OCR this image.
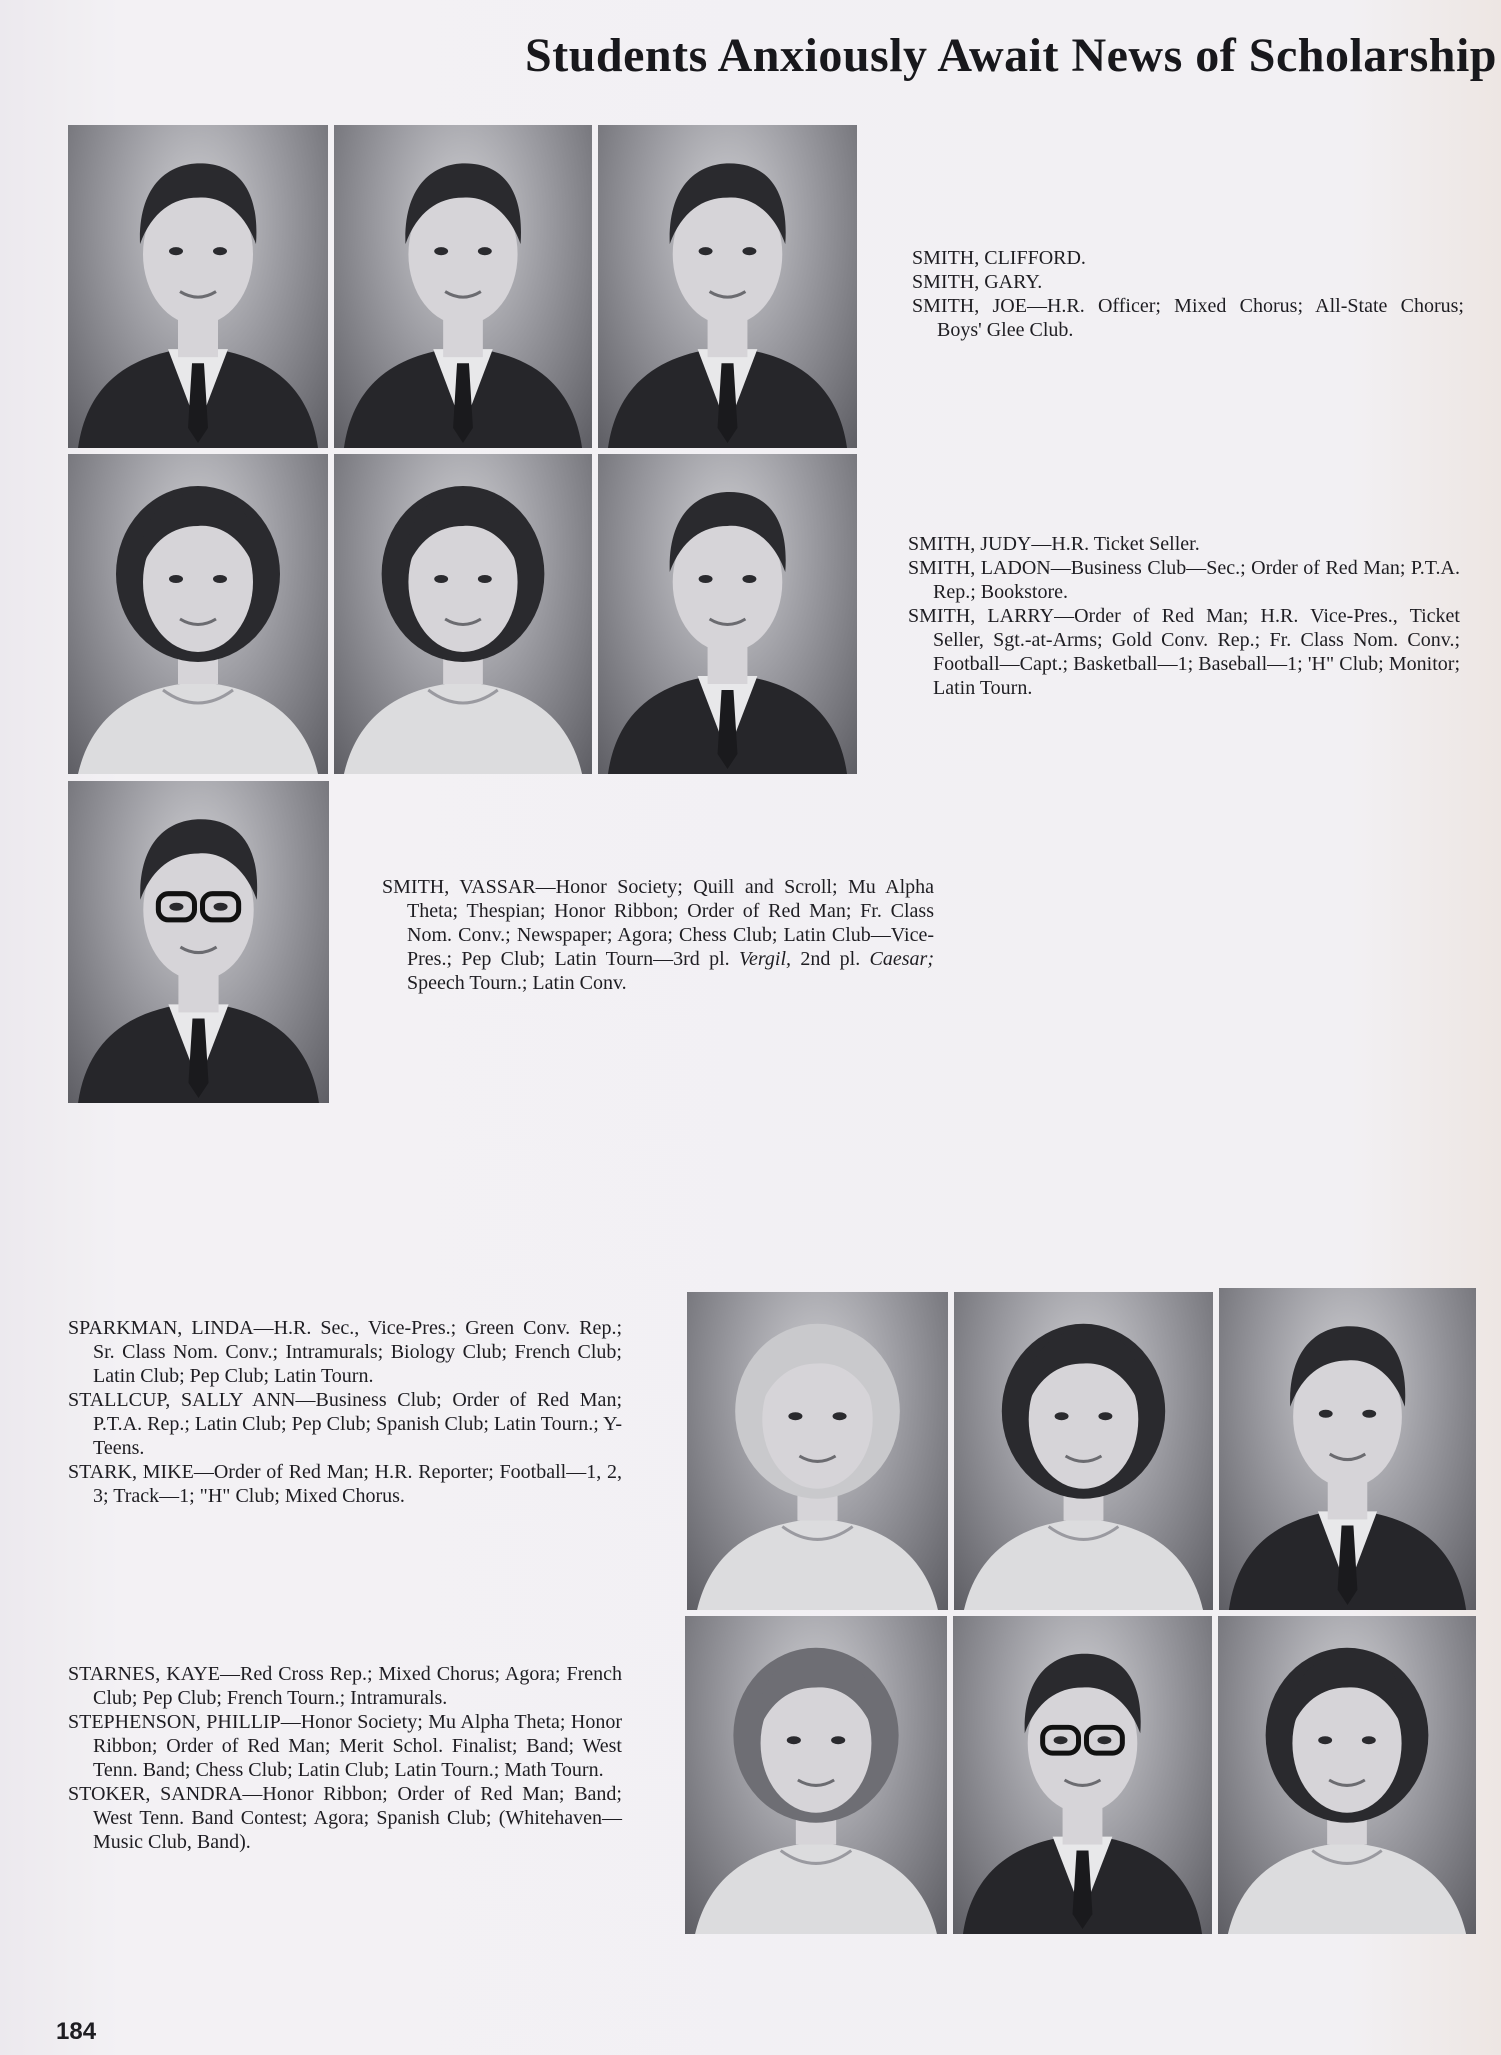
Students Anxiously Await News of Scholarship

SMITH, CLIFFORD.

SMITH, GARY.

SMITH, JOE—H.R. Officer; Mixed Chorus; All-State Chorus; Boys' Glee Club.

SMITH, JUDY—H.R. Ticket Seller.

SMITH, LADON—Business Club—Sec.; Order of Red Man; P.T.A. Rep.; Bookstore.

SMITH, LARRY—Order of Red Man; H.R. Vice-Pres., Ticket Seller, Sgt.-at-Arms; Gold Conv. Rep.; Fr. Class Nom. Conv.; Football—Capt.; Basketball—1; Baseball—1; 'H" Club; Monitor; Latin Tourn.

SMITH, VASSAR—Honor Society; Quill and Scroll; Mu Alpha Theta; Thespian; Honor Ribbon; Order of Red Man; Fr. Class Nom. Conv.; Newspaper; Agora; Chess Club; Latin Club—Vice-Pres.; Pep Club; Latin Tourn—3rd pl. Vergil, 2nd pl. Caesar; Speech Tourn.; Latin Conv.

SPARKMAN, LINDA—H.R. Sec., Vice-Pres.; Green Conv. Rep.; Sr. Class Nom. Conv.; Intramurals; Biology Club; French Club; Latin Club; Pep Club; Latin Tourn.

STALLCUP, SALLY ANN—Business Club; Order of Red Man; P.T.A. Rep.; Latin Club; Pep Club; Spanish Club; Latin Tourn.; Y-Teens.

STARK, MIKE—Order of Red Man; H.R. Reporter; Football—1, 2, 3; Track—1; "H" Club; Mixed Chorus.

STARNES, KAYE—Red Cross Rep.; Mixed Chorus; Agora; French Club; Pep Club; French Tourn.; Intramurals.

STEPHENSON, PHILLIP—Honor Society; Mu Alpha Theta; Honor Ribbon; Order of Red Man; Merit Schol. Finalist; Band; West Tenn. Band; Chess Club; Latin Club; Latin Tourn.; Math Tourn.

STOKER, SANDRA—Honor Ribbon; Order of Red Man; Band; West Tenn. Band Contest; Agora; Spanish Club; (Whitehaven—Music Club, Band).

184
